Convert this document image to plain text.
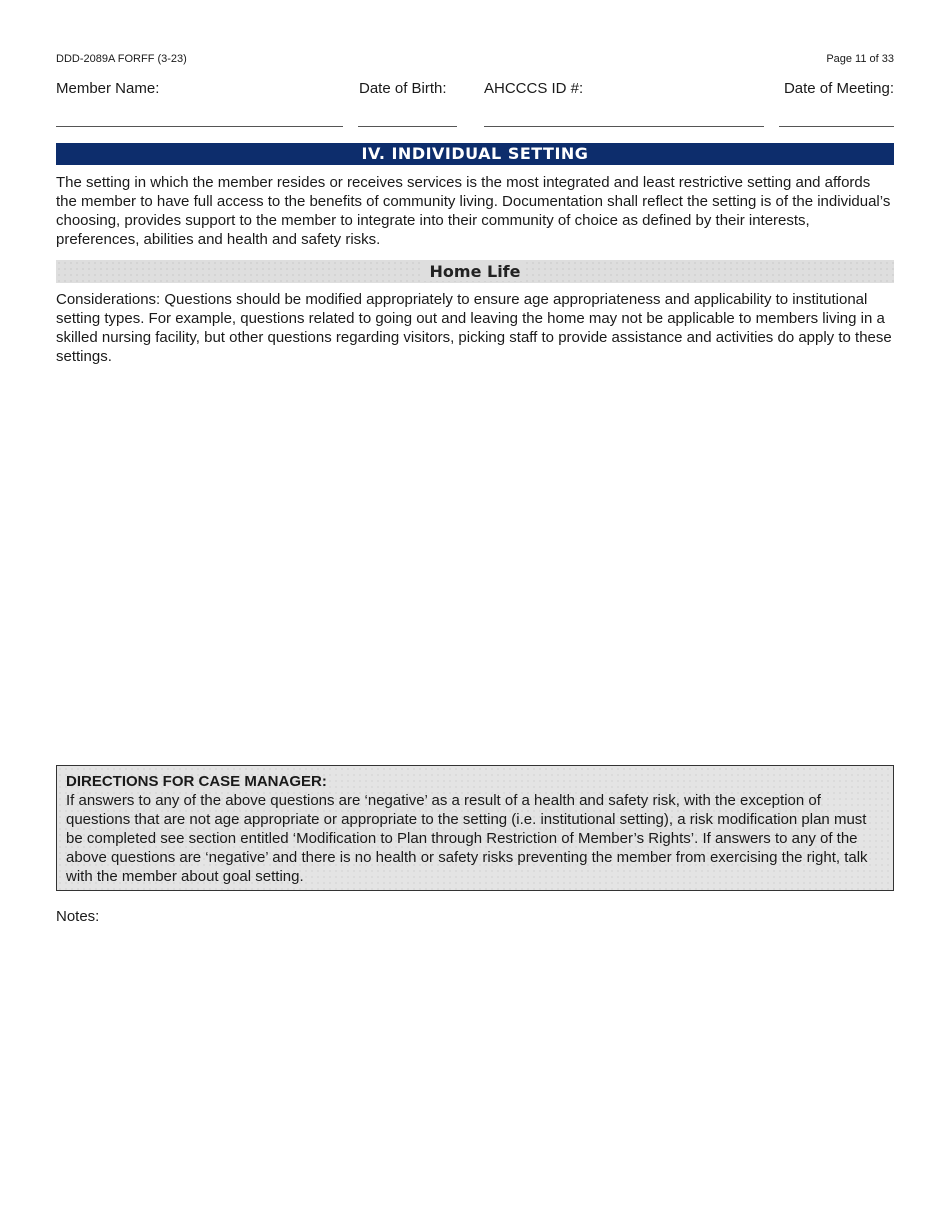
DDD-2089A FORFF (3-23)	Page 11 of 33
Member Name:	Date of Birth: AHCCCS ID #:	Date of Meeting:
IV. INDIVIDUAL SETTING
The setting in which the member resides or receives services is the most integrated and least restrictive setting and affords the member to have full access to the benefits of community living. Documentation shall reflect the setting is of the individual’s choosing, provides support to the member to integrate into their community of choice as defined by their interests, preferences, abilities and health and safety risks.
Home Life
Considerations: Questions should be modified appropriately to ensure age appropriateness and applicability to institutional setting types. For example, questions related to going out and leaving the home may not be applicable to members living in a skilled nursing facility, but other questions regarding visitors, picking staff to provide assistance and activities do apply to these settings.
DIRECTIONS FOR CASE MANAGER:
If answers to any of the above questions are ‘negative’ as a result of a health and safety risk, with the exception of questions that are not age appropriate or appropriate to the setting (i.e. institutional setting), a risk modification plan must be completed see section entitled ‘Modification to Plan through Restriction of Member’s Rights’. If answers to any of the above questions are ‘negative’ and there is no health or safety risks preventing the member from exercising the right, talk with the member about goal setting.
Notes:
